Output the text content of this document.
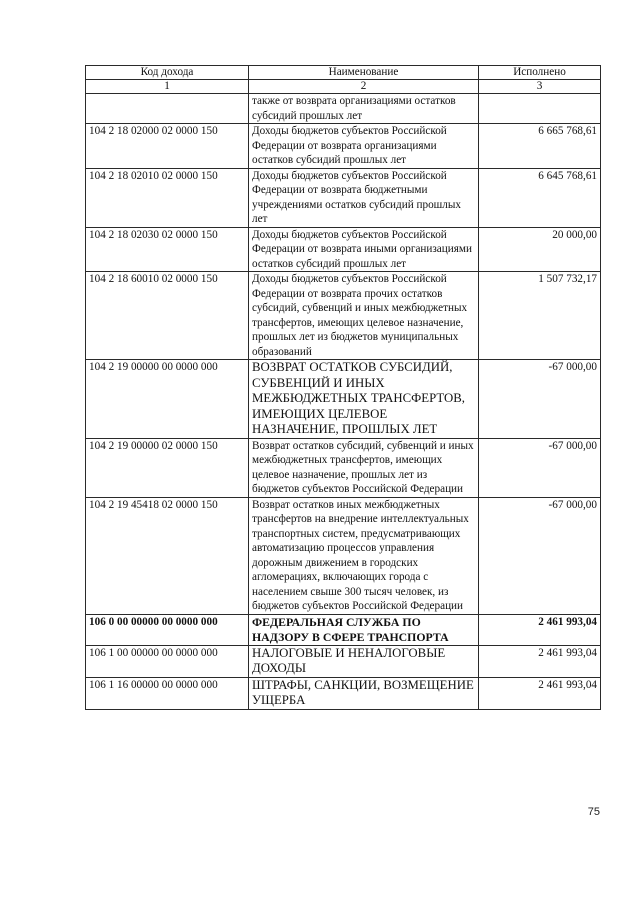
Код дохода	Наименование	Исполнено
1	2	3
	также от возврата организациями остатков субсидий прошлых лет	
104 2 18 02000 02 0000 150	Доходы бюджетов субъектов Российской Федерации от возврата организациями остатков субсидий прошлых лет	6 665 768,61
104 2 18 02010 02 0000 150	Доходы бюджетов субъектов Российской Федерации от возврата бюджетными учреждениями остатков субсидий прошлых лет	6 645 768,61
104 2 18 02030 02 0000 150	Доходы бюджетов субъектов Российской Федерации от возврата иными организациями остатков субсидий прошлых лет	20 000,00
104 2 18 60010 02 0000 150	Доходы бюджетов субъектов Российской Федерации от возврата прочих остатков субсидий, субвенций и иных межбюджетных трансфертов, имеющих целевое назначение, прошлых лет из бюджетов муниципальных образований	1 507 732,17
104 2 19 00000 00 0000 000	ВОЗВРАТ ОСТАТКОВ СУБСИДИЙ, СУБВЕНЦИЙ И ИНЫХ МЕЖБЮДЖЕТНЫХ ТРАНСФЕРТОВ, ИМЕЮЩИХ ЦЕЛЕВОЕ НАЗНАЧЕНИЕ, ПРОШЛЫХ ЛЕТ	-67 000,00
104 2 19 00000 02 0000 150	Возврат остатков субсидий, субвенций и иных межбюджетных трансфертов, имеющих целевое назначение, прошлых лет из бюджетов субъектов Российской Федерации	-67 000,00
104 2 19 45418 02 0000 150	Возврат остатков иных межбюджетных трансфертов на внедрение интеллектуальных транспортных систем, предусматривающих автоматизацию процессов управления дорожным движением в городских агломерациях, включающих города с населением свыше 300 тысяч человек, из бюджетов субъектов Российской Федерации	-67 000,00
106 0 00 00000 00 0000 000	ФЕДЕРАЛЬНАЯ СЛУЖБА ПО НАДЗОРУ В СФЕРЕ ТРАНСПОРТА	2 461 993,04
106 1 00 00000 00 0000 000	НАЛОГОВЫЕ И НЕНАЛОГОВЫЕ ДОХОДЫ	2 461 993,04
106 1 16 00000 00 0000 000	ШТРАФЫ, САНКЦИИ, ВОЗМЕЩЕНИЕ УЩЕРБА	2 461 993,04
75
